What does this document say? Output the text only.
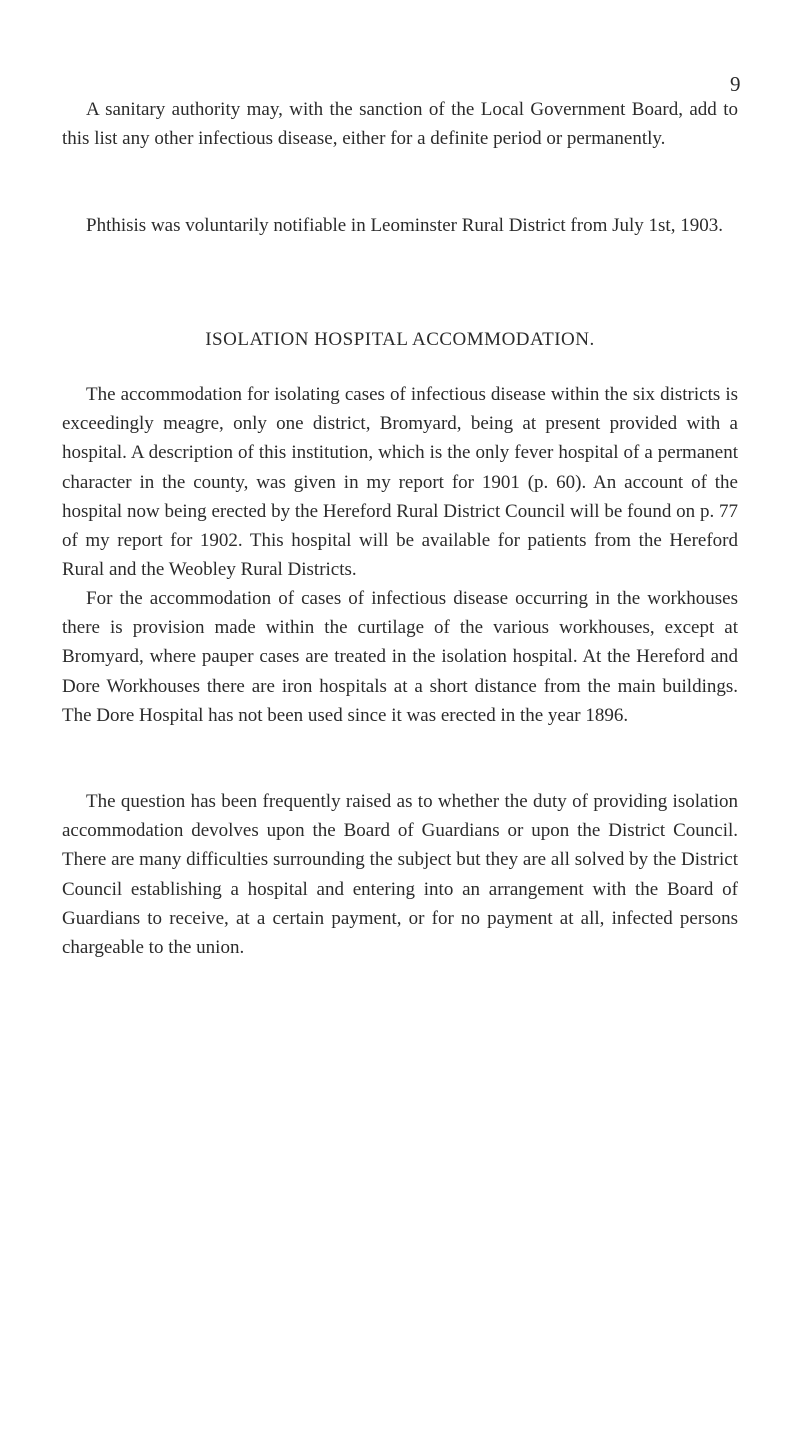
9

A sanitary authority may, with the sanction of the Local Government Board, add to this list any other infectious disease, either for a definite period or permanently.

Phthisis was voluntarily notifiable in Leominster Rural District from July 1st, 1903.

ISOLATION HOSPITAL ACCOMMODATION.

The accommodation for isolating cases of infectious disease within the six districts is exceedingly meagre, only one district, Bromyard, being at present provided with a hospital. A description of this institution, which is the only fever hospital of a permanent character in the county, was given in my report for 1901 (p. 60). An account of the hospital now being erected by the Hereford Rural District Council will be found on p. 77 of my report for 1902. This hospital will be available for patients from the Hereford Rural and the Weobley Rural Districts.

For the accommodation of cases of infectious disease occurring in the workhouses there is provision made within the curtilage of the various workhouses, except at Bromyard, where pauper cases are treated in the isolation hospital. At the Hereford and Dore Workhouses there are iron hospitals at a short distance from the main buildings. The Dore Hospital has not been used since it was erected in the year 1896.

The question has been frequently raised as to whether the duty of providing isolation accommodation devolves upon the Board of Guardians or upon the District Council. There are many difficulties surrounding the subject but they are all solved by the District Council establishing a hospital and entering into an arrangement with the Board of Guardians to receive, at a certain payment, or for no payment at all, infected persons chargeable to the union.
